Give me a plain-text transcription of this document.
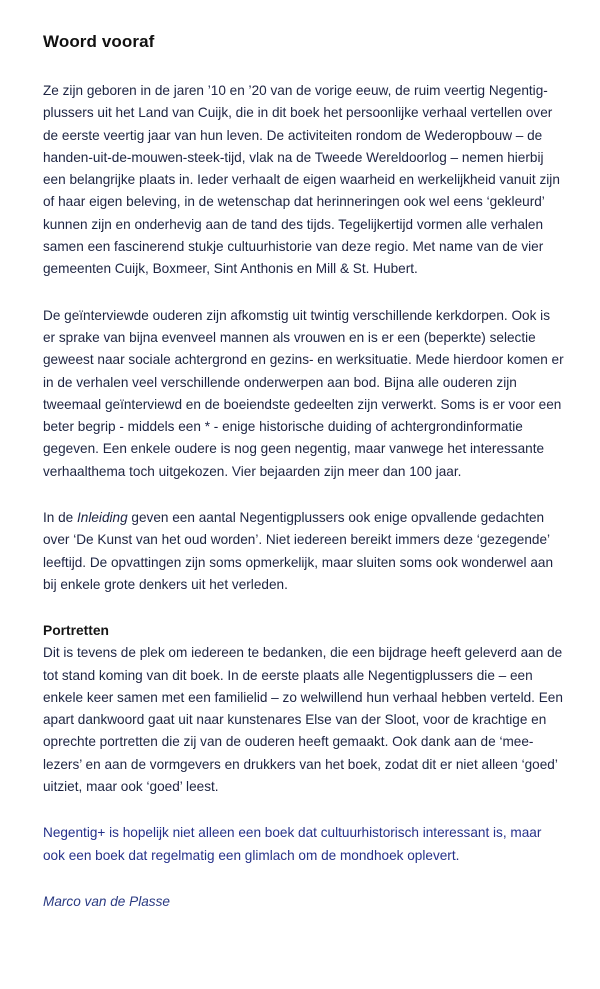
Woord vooraf

Ze zijn geboren in de jaren ’10 en ’20 van de vorige eeuw, de ruim veertig Negentig-plussers uit het Land van Cuijk, die in dit boek het persoonlijke verhaal vertellen over de eerste veertig jaar van hun leven. De activiteiten rondom de Wederopbouw – de handen-uit-de-mouwen-steek-tijd, vlak na de Tweede Wereldoorlog – nemen hierbij een belangrijke plaats in. Ieder verhaalt de eigen waarheid en werkelijkheid vanuit zijn of haar eigen beleving, in de wetenschap dat herinneringen ook wel eens ‘gekleurd’ kunnen zijn en onderhevig aan de tand des tijds. Tegelijkertijd vormen alle verhalen samen een fascinerend stukje cultuurhistorie van deze regio. Met name van de vier gemeenten Cuijk, Boxmeer, Sint Anthonis en Mill & St. Hubert.

De geïnterviewde ouderen zijn afkomstig uit twintig verschillende kerkdorpen. Ook is er sprake van bijna evenveel mannen als vrouwen en is er een (beperkte) selectie geweest naar sociale achtergrond en gezins- en werksituatie. Mede hierdoor komen er in de verhalen veel verschillende onderwerpen aan bod. Bijna alle ouderen zijn tweemaal geïnterviewd en de boeiendste gedeelten zijn verwerkt. Soms is er voor een beter begrip - middels een * - enige historische duiding of achtergrondinformatie gegeven. Een enkele oudere is nog geen negentig, maar vanwege het interessante verhaalthema toch uitgekozen. Vier bejaarden zijn meer dan 100 jaar.

In de Inleiding geven een aantal Negentigplussers ook enige opvallende gedachten over ‘De Kunst van het oud worden’. Niet iedereen bereikt immers deze ‘gezegende’ leeftijd. De opvattingen zijn soms opmerkelijk, maar sluiten soms ook wonderwel aan bij enkele grote denkers uit het verleden.

Portretten

Dit is tevens de plek om iedereen te bedanken, die een bijdrage heeft geleverd aan de tot stand koming van dit boek. In de eerste plaats alle Negentigplussers die – een enkele keer samen met een familielid – zo welwillend hun verhaal hebben verteld. Een apart dankwoord gaat uit naar kunstenares Else van der Sloot, voor de krachtige en oprechte portretten die zij van de ouderen heeft gemaakt. Ook dank aan de ‘mee-lezers’ en aan de vormgevers en drukkers van het boek, zodat dit er niet alleen ‘goed’ uitziet, maar ook ‘goed’ leest.

Negentig+ is hopelijk niet alleen een boek dat cultuurhistorisch interessant is, maar ook een boek dat regelmatig een glimlach om de mondhoek oplevert.

Marco van de Plasse
